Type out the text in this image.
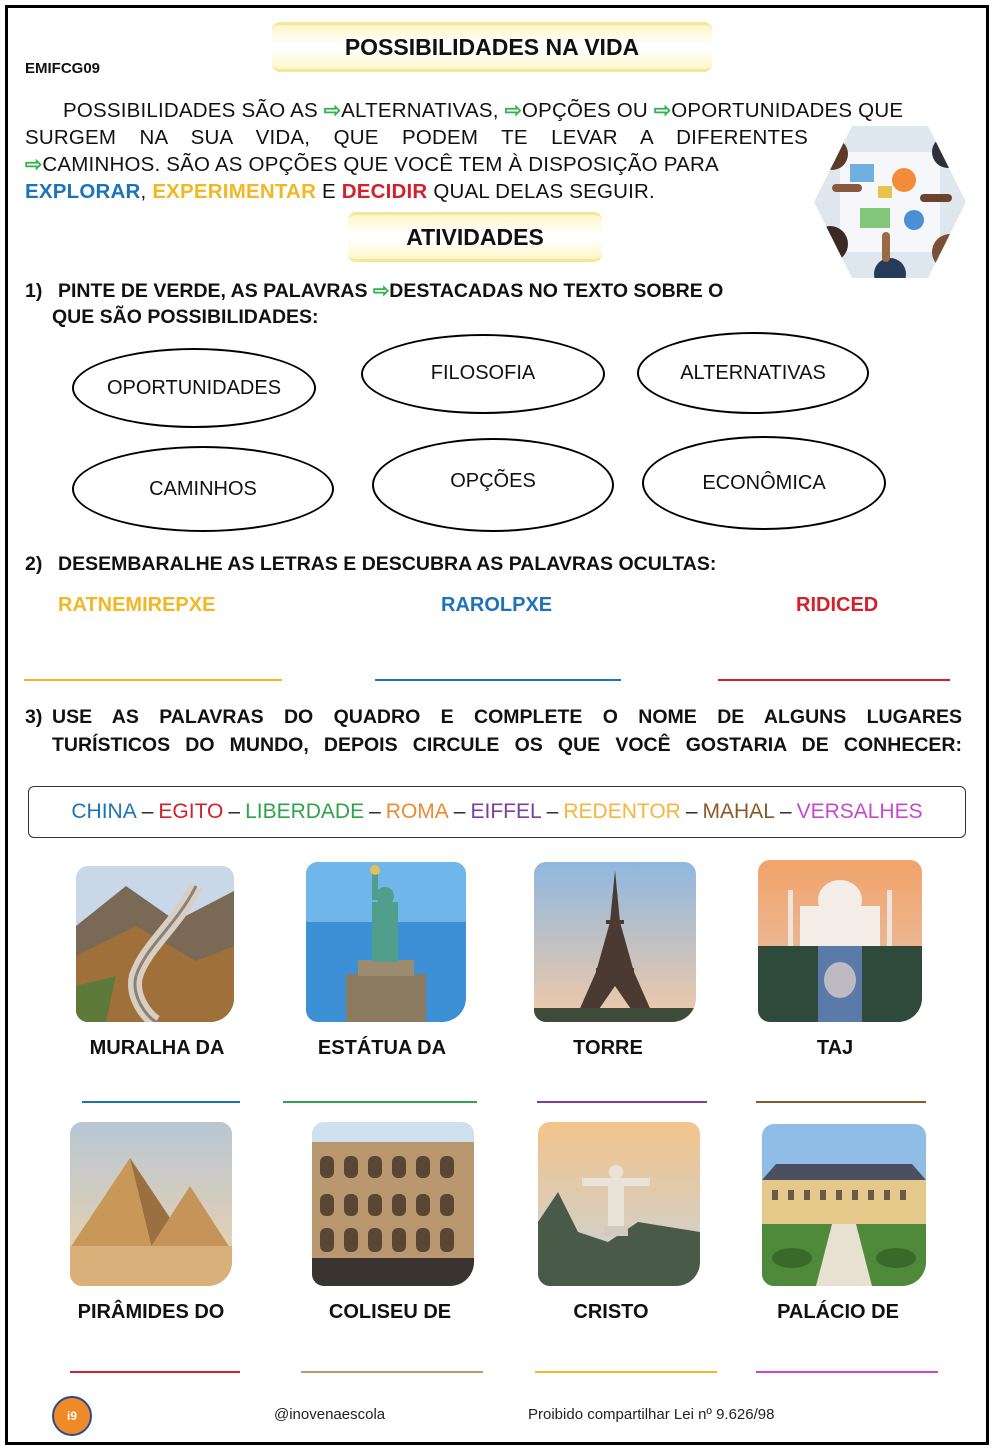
POSSIBILIDADES NA VIDA
EMIFCG09
POSSIBILIDADES SÃO AS ⇨ALTERNATIVAS, ⇨OPÇÕES OU ⇨OPORTUNIDADES QUE
SURGEM NA SUA VIDA, QUE PODEM TE LEVAR A DIFERENTES
⇨CAMINHOS. SÃO AS OPÇÕES QUE VOCÊ TEM À DISPOSIÇÃO PARA
EXPLORAR, EXPERIMENTAR E DECIDIR QUAL DELAS SEGUIR.
ATIVIDADES
1) PINTE DE VERDE, AS PALAVRAS ⇨DESTACADAS NO TEXTO SOBRE O
QUE SÃO POSSIBILIDADES:
OPORTUNIDADES
FILOSOFIA	ALTERNATIVAS
CAMINHOS	OPÇÕES	ECONÔMICA
2) DESEMBARALHE AS LETRAS E DESCUBRA AS PALAVRAS OCULTAS:
RATNEMIREPXE	RAROLPXE	RIDICED
3) USE AS PALAVRAS DO QUADRO E COMPLETE O NOME DE ALGUNS LUGARES
TURÍSTICOS DO MUNDO, DEPOIS CIRCULE OS QUE VOCÊ GOSTARIA DE CONHECER:
CHINA – EGITO – LIBERDADE – ROMA – EIFFEL – REDENTOR – MAHAL – VERSALHES
MURALHA DA	ESTÁTUA DA	TORRE	TAJ
PIRÂMIDES DO	COLISEU DE	CRISTO	PALÁCIO DE
i9	@inovenaescola	Proibido compartilhar Lei nº 9.626/98
